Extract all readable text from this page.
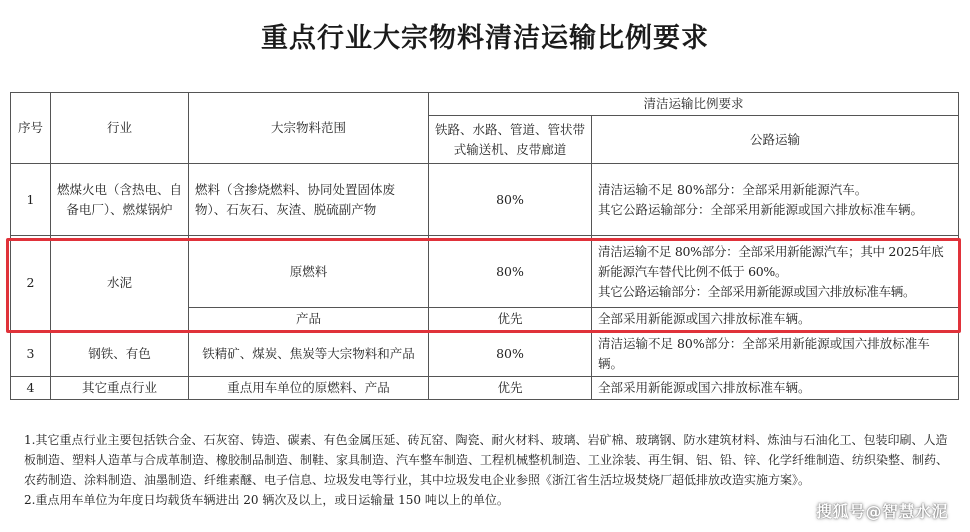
重点行业大宗物料清洁运输比例要求
序号	行业	大宗物料范围	清洁运输比例要求	
			铁路、水路、管道、管状带式输送机、皮带廊道	公路运输
1	燃煤火电（含热电、自备电厂）、燃煤锅炉	燃料（含掺烧燃料、协同处置固体废物）、石灰石、灰渣、脱硫副产物	80%	清洁运输不足 80%部分：全部采用新能源汽车。
其它公路运输部分：全部采用新能源或国六排放标准车辆。

2	水泥	原燃料	80%	清洁运输不足 80%部分：全部采用新能源汽车；其中 2025年底新能源汽车替代比例不低于 60%。
其它公路运输部分：全部采用新能源或国六排放标准车辆。

		产品	优先	全部采用新能源或国六排放标准车辆。

3	钢铁、有色	铁精矿、煤炭、焦炭等大宗物料和产品	80%	清洁运输不足 80%部分：全部采用新能源或国六排放标准车辆。

4	其它重点行业	重点用车单位的原燃料、产品	优先	全部采用新能源或国六排放标准车辆。

1.其它重点行业主要包括铁合金、石灰窑、铸造、碳素、有色金属压延、砖瓦窑、陶瓷、耐火材料、玻璃、岩矿棉、玻璃钢、防水建筑材料、炼油与石油化工、包装印刷、人造板制造、塑料人造革与合成革制造、橡胶制品制造、制鞋、家具制造、汽车整车制造、工程机械整机制造、工业涂装、再生铜、铝、铅、锌、化学纤维制造、纺织染整、制药、农药制造、涂料制造、油墨制造、纤维素醚、电子信息、垃圾发电等行业，其中垃圾发电企业参照《浙江省生活垃圾焚烧厂超低排放改造实施方案》。

2.重点用车单位为年度日均载货车辆进出 20 辆次及以上，或日运输量 150 吨以上的单位。

搜狐号@智慧水泥
